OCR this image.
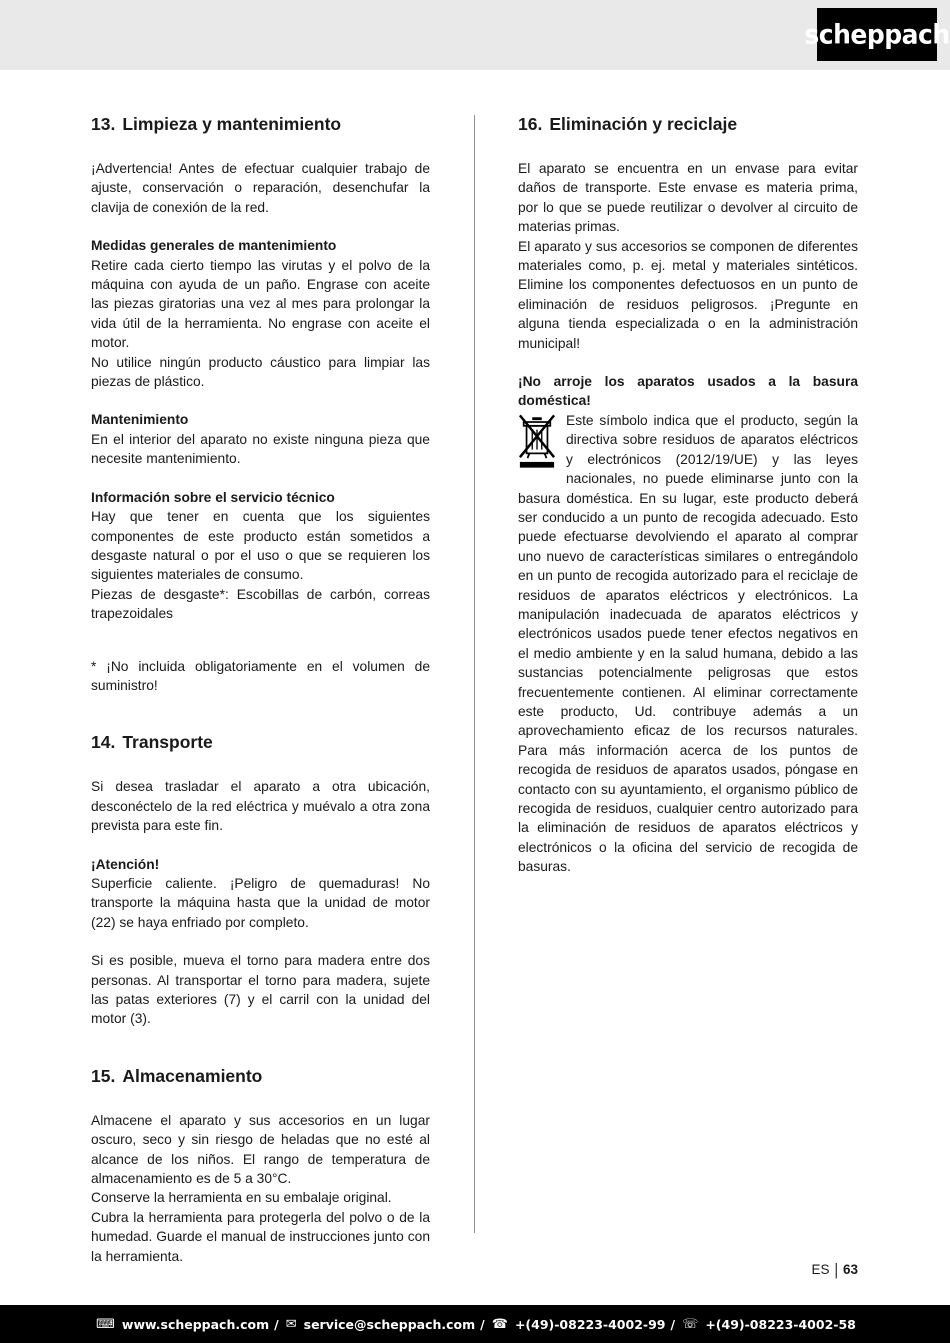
scheppach
13. Limpieza y mantenimiento

¡Advertencia! Antes de efectuar cualquier trabajo de ajuste, conservación o reparación, desenchufar la clavija de conexión de la red.

Medidas generales de mantenimiento

Retire cada cierto tiempo las virutas y el polvo de la máquina con ayuda de un paño. Engrase con aceite las piezas giratorias una vez al mes para prolongar la vida útil de la herramienta. No engrase con aceite el motor.

No utilice ningún producto cáustico para limpiar las piezas de plástico.

Mantenimiento

En el interior del aparato no existe ninguna pieza que necesite mantenimiento.

Información sobre el servicio técnico

Hay que tener en cuenta que los siguientes componentes de este producto están sometidos a desgaste natural o por el uso o que se requieren los siguientes materiales de consumo.

Piezas de desgaste*: Escobillas de carbón, correas trapezoidales

* ¡No incluida obligatoriamente en el volumen de suministro!

14. Transporte

Si desea trasladar el aparato a otra ubicación, desconéctelo de la red eléctrica y muévalo a otra zona prevista para este fin.

¡Atención!

Superficie caliente. ¡Peligro de quemaduras! No transporte la máquina hasta que la unidad de motor (22) se haya enfriado por completo.

Si es posible, mueva el torno para madera entre dos personas. Al transportar el torno para madera, sujete las patas exteriores (7) y el carril con la unidad del motor (3).

15. Almacenamiento

Almacene el aparato y sus accesorios en un lugar oscuro, seco y sin riesgo de heladas que no esté al alcance de los niños. El rango de temperatura de almacenamiento es de 5 a 30°C.

Conserve la herramienta en su embalaje original.

Cubra la herramienta para protegerla del polvo o de la humedad. Guarde el manual de instrucciones junto con la herramienta.

16. Eliminación y reciclaje

El aparato se encuentra en un envase para evitar daños de transporte. Este envase es materia prima, por lo que se puede reutilizar o devolver al circuito de materias primas.

El aparato y sus accesorios se componen de diferentes materiales como, p. ej. metal y materiales sintéticos. Elimine los componentes defectuosos en un punto de eliminación de residuos peligrosos. ¡Pregunte en alguna tienda especializada o en la administración municipal!

¡No arroje los aparatos usados a la basura doméstica!

Este símbolo indica que el producto, según la directiva sobre residuos de aparatos eléctricos y electrónicos (2012/19/UE) y las leyes nacionales, no puede eliminarse junto con la basura doméstica. En su lugar, este producto deberá ser conducido a un punto de recogida adecuado. Esto puede efectuarse devolviendo el aparato al comprar uno nuevo de características similares o entregándolo en un punto de recogida autorizado para el reciclaje de residuos de aparatos eléctricos y electrónicos. La manipulación inadecuada de aparatos eléctricos y electrónicos usados puede tener efectos negativos en el medio ambiente y en la salud humana, debido a las sustancias potencialmente peligrosas que estos frecuentemente contienen. Al eliminar correctamente este producto, Ud. contribuye además a un aprovechamiento eficaz de los recursos naturales. Para más información acerca de los puntos de recogida de residuos de aparatos usados, póngase en contacto con su ayuntamiento, el organismo público de recogida de residuos, cualquier centro autorizado para la eliminación de residuos de aparatos eléctricos y electrónicos o la oficina del servicio de recogida de basuras.
ES | 63
⌨ www.scheppach.com / ✉ service@scheppach.com / ☎ +(49)-08223-4002-99 / ☏ +(49)-08223-4002-58
